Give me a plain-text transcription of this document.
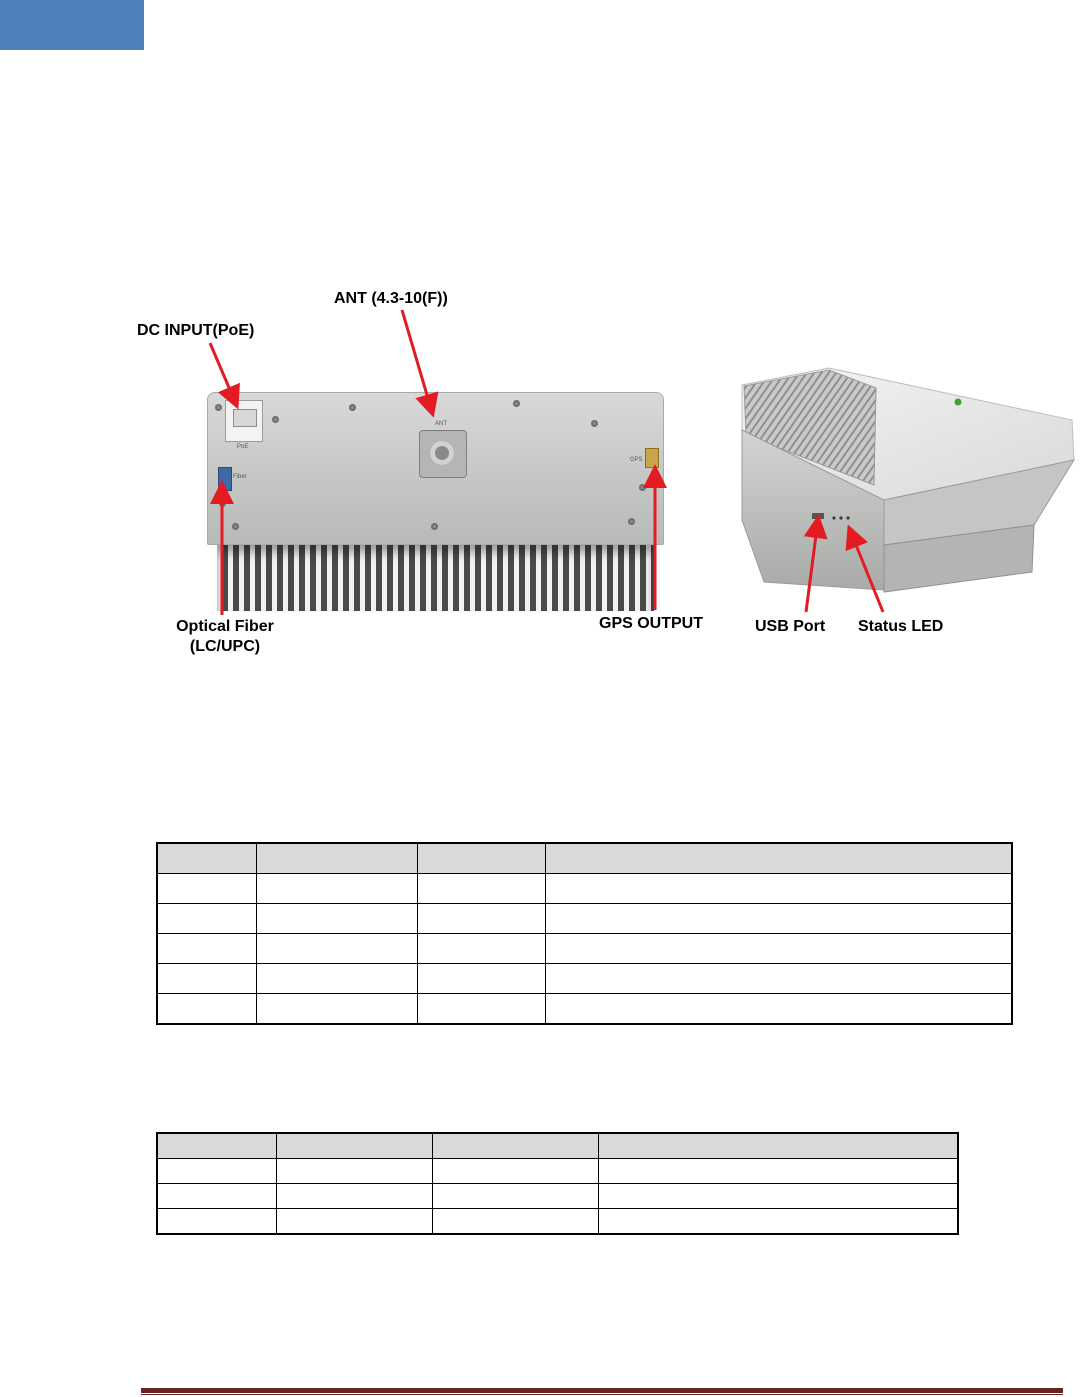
DC INPUT(PoE)
ANT (4.3-10(F))
Optical Fiber
(LC/UPC)
GPS OUTPUT	USB Port Status LED
PoE
Fiber
ANT
GPS
